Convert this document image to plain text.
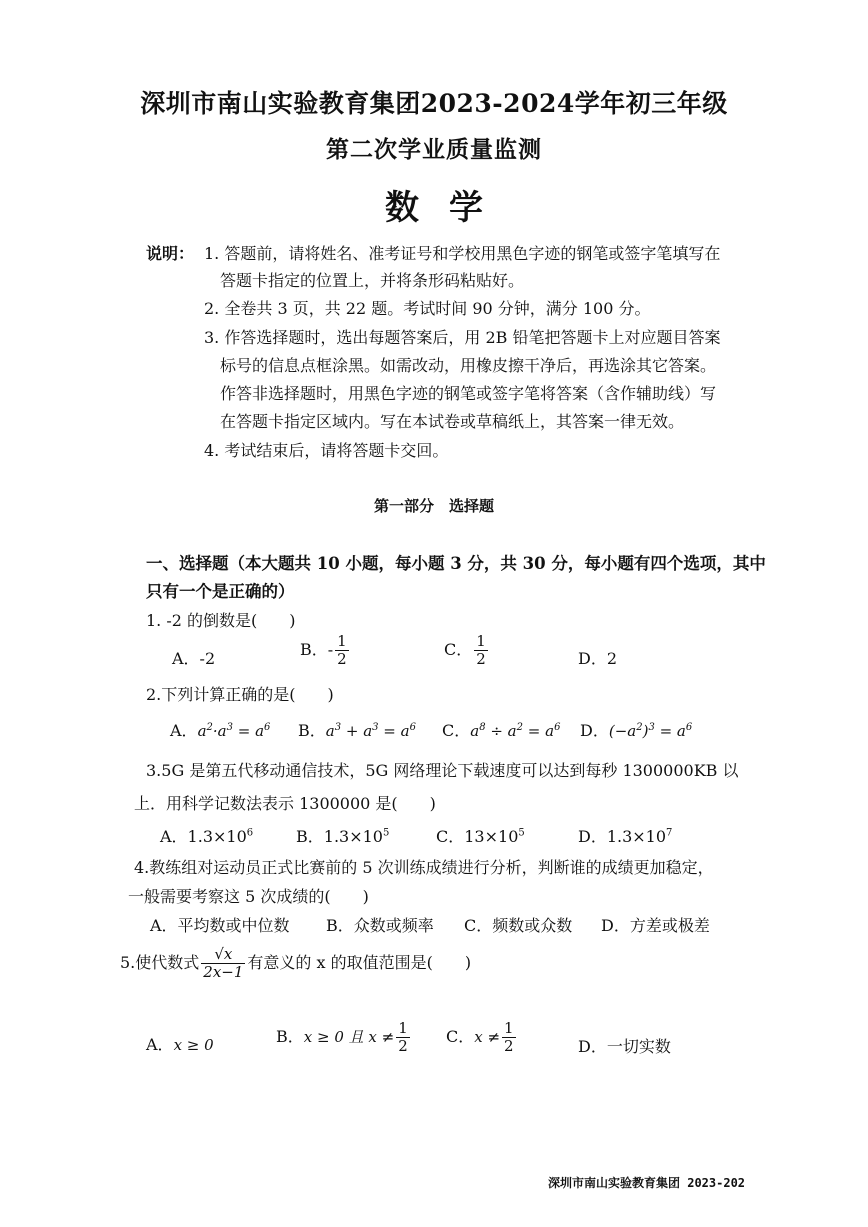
深圳市南山实验教育集团2023-2024学年初三年级
第二次学业质量监测
数学
说明： 1. 答题前，请将姓名、准考证号和学校用黑色字迹的钢笔或签字笔填写在
答题卡指定的位置上，并将条形码粘贴好。
2. 全卷共 3 页，共 22 题。考试时间 90 分钟，满分 100 分。
3. 作答选择题时，选出每题答案后，用 2B 铅笔把答题卡上对应题目答案
标号的信息点框涂黑。如需改动，用橡皮擦干净后，再选涂其它答案。
作答非选择题时，用黑色字迹的钢笔或签字笔将答案（含作辅助线）写
在答题卡指定区域内。写在本试卷或草稿纸上，其答案一律无效。
4. 考试结束后，请将答题卡交回。
第一部分　选择题
一、选择题（本大题共 10 小题，每小题 3 分，共 30 分，每小题有四个选项，其中
只有一个是正确的）
1. -2 的倒数是(　　)
A．-2	B．- $\frac{1}{2}$	C． $\frac{1}{2}$	D．2
2.下列计算正确的是(　　)
A．$a^2\cdot a^3 = a^6$ B．$a^3 + a^3 = a^6$ C．$a^8 \div a^2 = a^6$ D．$(-a^2)^3 = a^6$
3.5G 是第五代移动通信技术，5G 网络理论下载速度可以达到每秒 1300000KB 以
上．用科学记数法表示 1300000 是(　　)
A．$1.3\times 10^6$	B．$1.3\times 10^5$	C．$13\times 10^5$	D．$1.3\times 10^7$
4.教练组对运动员正式比赛前的 5 次训练成绩进行分析，判断谁的成绩更加稳定，
一般需要考察这 5 次成绩的(　　)
A．平均数或中位数 B．众数或频率 C．频数或众数 D．方差或极差
5.使代数式 $\frac{√x}{2x-1}$ 有意义的 x 的取值范围是(　　)
A．x ≥ 0	B．x ≥ 0 且 $x \ne \frac{1}{2}$ C．$x \ne \frac{1}{2}$	D．一切实数
深圳市南山实验教育集团 2023-202
